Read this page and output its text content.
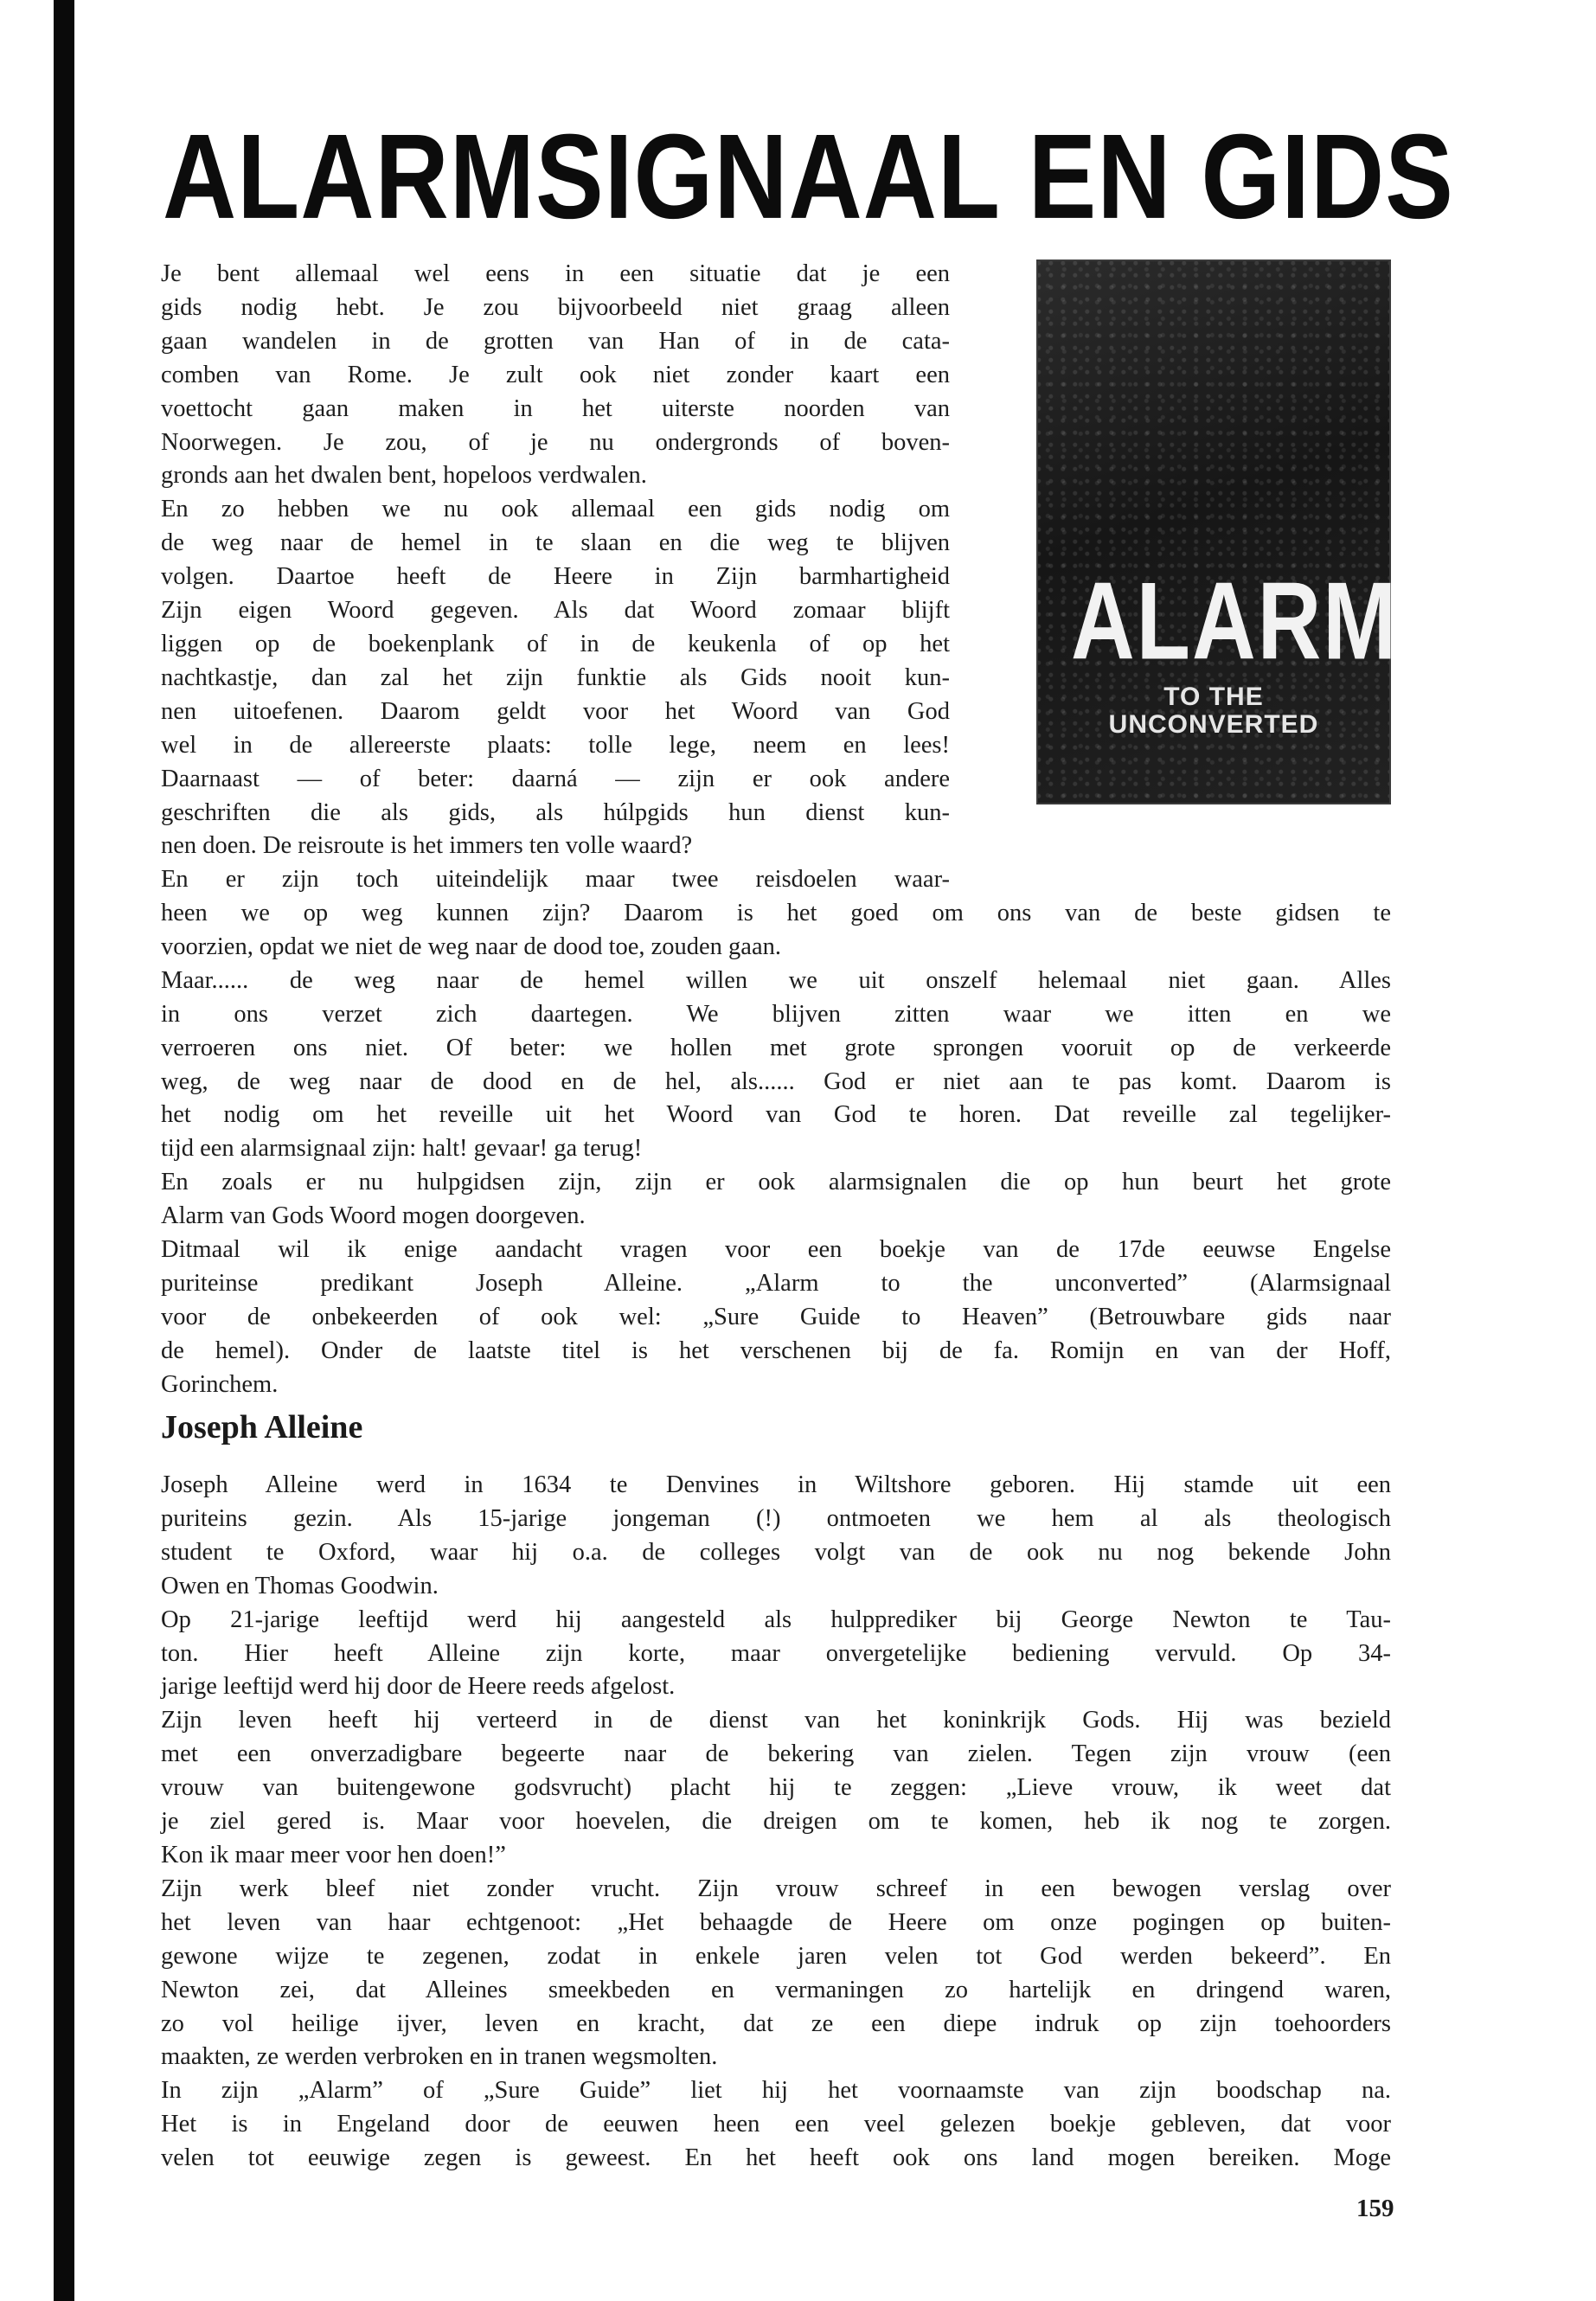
ALARMSIGNAAL EN GIDS
ALARM
TO THE UNCONVERTED
Je bent allemaal wel eens in een situatie dat je een
gids nodig hebt. Je zou bijvoorbeeld niet graag alleen
gaan wandelen in de grotten van Han of in de cata-
comben van Rome. Je zult ook niet zonder kaart een
voettocht gaan maken in het uiterste noorden van
Noorwegen. Je zou, of je nu ondergronds of boven-
gronds aan het dwalen bent, hopeloos verdwalen.
En zo hebben we nu ook allemaal een gids nodig om
de weg naar de hemel in te slaan en die weg te blijven
volgen. Daartoe heeft de Heere in Zijn barmhartigheid
Zijn eigen Woord gegeven. Als dat Woord zomaar blijft
liggen op de boekenplank of in de keukenla of op het
nachtkastje, dan zal het zijn funktie als Gids nooit kun-
nen uitoefenen. Daarom geldt voor het Woord van God
wel in de allereerste plaats: tolle lege, neem en lees!
Daarnaast — of beter: daarná — zijn er ook andere
geschriften die als gids, als húlpgids hun dienst kun-
nen doen. De reisroute is het immers ten volle waard?
En er zijn toch uiteindelijk maar twee reisdoelen waar-
heen we op weg kunnen zijn? Daarom is het goed om ons van de beste gidsen te
voorzien, opdat we niet de weg naar de dood toe, zouden gaan.
Maar...... de weg naar de hemel willen we uit onszelf helemaal niet gaan. Alles
in ons verzet zich daartegen. We blijven zitten waar we itten en we
verroeren ons niet. Of beter: we hollen met grote sprongen vooruit op de verkeerde
weg, de weg naar de dood en de hel, als...... God er niet aan te pas komt. Daarom is
het nodig om het reveille uit het Woord van God te horen. Dat reveille zal tegelijker-
tijd een alarmsignaal zijn: halt! gevaar! ga terug!
En zoals er nu hulpgidsen zijn, zijn er ook alarmsignalen die op hun beurt het grote
Alarm van Gods Woord mogen doorgeven.
Ditmaal wil ik enige aandacht vragen voor een boekje van de 17de eeuwse Engelse
puriteinse predikant Joseph Alleine. „Alarm to the unconverted” (Alarmsignaal
voor de onbekeerden of ook wel: „Sure Guide to Heaven” (Betrouwbare gids naar
de hemel). Onder de laatste titel is het verschenen bij de fa. Romijn en van der Hoff,
Gorinchem.
Joseph Alleine
Joseph Alleine werd in 1634 te Denvines in Wiltshore geboren. Hij stamde uit een
puriteins gezin. Als 15-jarige jongeman (!) ontmoeten we hem al als theologisch
student te Oxford, waar hij o.a. de colleges volgt van de ook nu nog bekende John
Owen en Thomas Goodwin.
Op 21-jarige leeftijd werd hij aangesteld als hulpprediker bij George Newton te Tau-
ton. Hier heeft Alleine zijn korte, maar onvergetelijke bediening vervuld. Op 34-
jarige leeftijd werd hij door de Heere reeds afgelost.
Zijn leven heeft hij verteerd in de dienst van het koninkrijk Gods. Hij was bezield
met een onverzadigbare begeerte naar de bekering van zielen. Tegen zijn vrouw (een
vrouw van buitengewone godsvrucht) placht hij te zeggen: „Lieve vrouw, ik weet dat
je ziel gered is. Maar voor hoevelen, die dreigen om te komen, heb ik nog te zorgen.
Kon ik maar meer voor hen doen!”
Zijn werk bleef niet zonder vrucht. Zijn vrouw schreef in een bewogen verslag over
het leven van haar echtgenoot: „Het behaagde de Heere om onze pogingen op buiten-
gewone wijze te zegenen, zodat in enkele jaren velen tot God werden bekeerd”. En
Newton zei, dat Alleines smeekbeden en vermaningen zo hartelijk en dringend waren,
zo vol heilige ijver, leven en kracht, dat ze een diepe indruk op zijn toehoorders
maakten, ze werden verbroken en in tranen wegsmolten.
In zijn „Alarm” of „Sure Guide” liet hij het voornaamste van zijn boodschap na.
Het is in Engeland door de eeuwen heen een veel gelezen boekje gebleven, dat voor
velen tot eeuwige zegen is geweest. En het heeft ook ons land mogen bereiken. Moge
159
